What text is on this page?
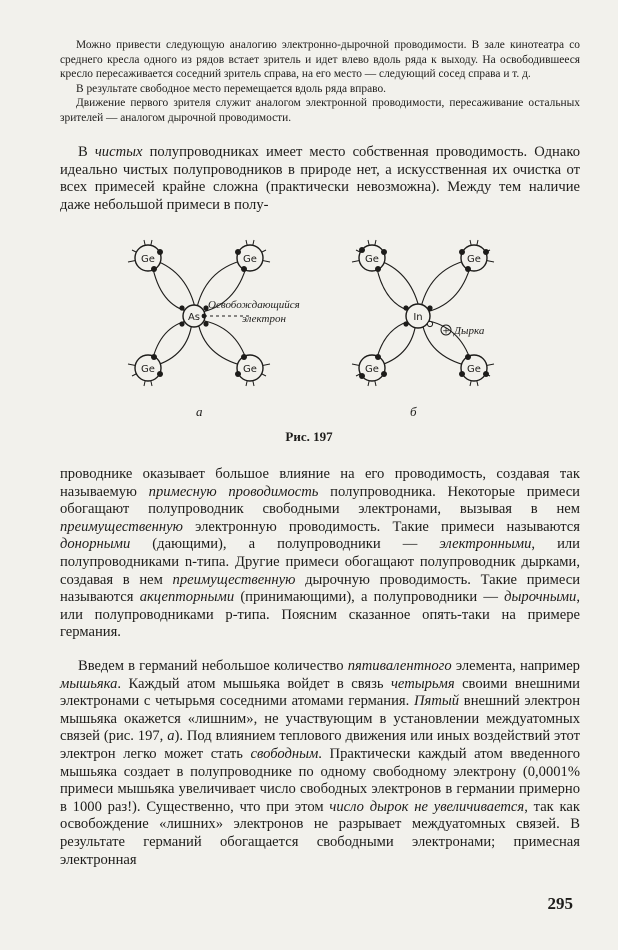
Можно привести следующую аналогию электронно-дырочной проводимости. В зале кинотеатра со среднего кресла одного из рядов встает зритель и идет влево вдоль ряда к выходу. На освободившееся кресло пересаживается соседний зритель справа, на его место — следующий сосед справа и т. д.

В результате свободное место перемещается вдоль ряда вправо.

Движение первого зрителя служит аналогом электронной проводимости, пересаживание остальных зрителей — аналогом дырочной проводимости.

В чистых полупроводниках имеет место собственная проводимость. Однако идеально чистых полупроводников в природе нет, а искусственная их очистка от всех примесей крайне сложна (практически невозможна). Между тем наличие даже небольшой примеси в полу-

+
Ge	Ge
Ge	Ge
Ge	Ge
Ge	Ge
As	In
Освобождающийся
электрон
Дырка
а	б
Рис. 197

проводнике оказывает большое влияние на его проводимость, создавая так называемую примесную проводимость полупроводника. Некоторые примеси обогащают полупроводник свободными электронами, вызывая в нем преимущественную электронную проводимость. Такие примеси называются донорными (дающими), а полупроводники — электронными, или полупроводниками n-типа. Другие примеси обогащают полупроводник дырками, создавая в нем преимущественную дырочную проводимость. Такие примеси называются акцепторными (принимающими), а полупроводники — дырочными, или полупроводниками p-типа. Поясним сказанное опять-таки на примере германия.

Введем в германий небольшое количество пятивалентного элемента, например мышьяка. Каждый атом мышьяка войдет в связь четырьмя своими внешними электронами с четырьмя соседними атомами германия. Пятый внешний электрон мышьяка окажется «лишним», не участвующим в установлении междуатомных связей (рис. 197, а). Под влиянием теплового движения или иных воздействий этот электрон легко может стать свободным. Практически каждый атом введенного мышьяка создает в полупроводнике по одному свободному электрону (0,0001% примеси мышьяка увеличивает число свободных электронов в германии примерно в 1000 раз!). Существенно, что при этом число дырок не увеличивается, так как освобождение «лишних» электронов не разрывает междуатомных связей. В результате германий обогащается свободными электронами; примесная электронная

295
